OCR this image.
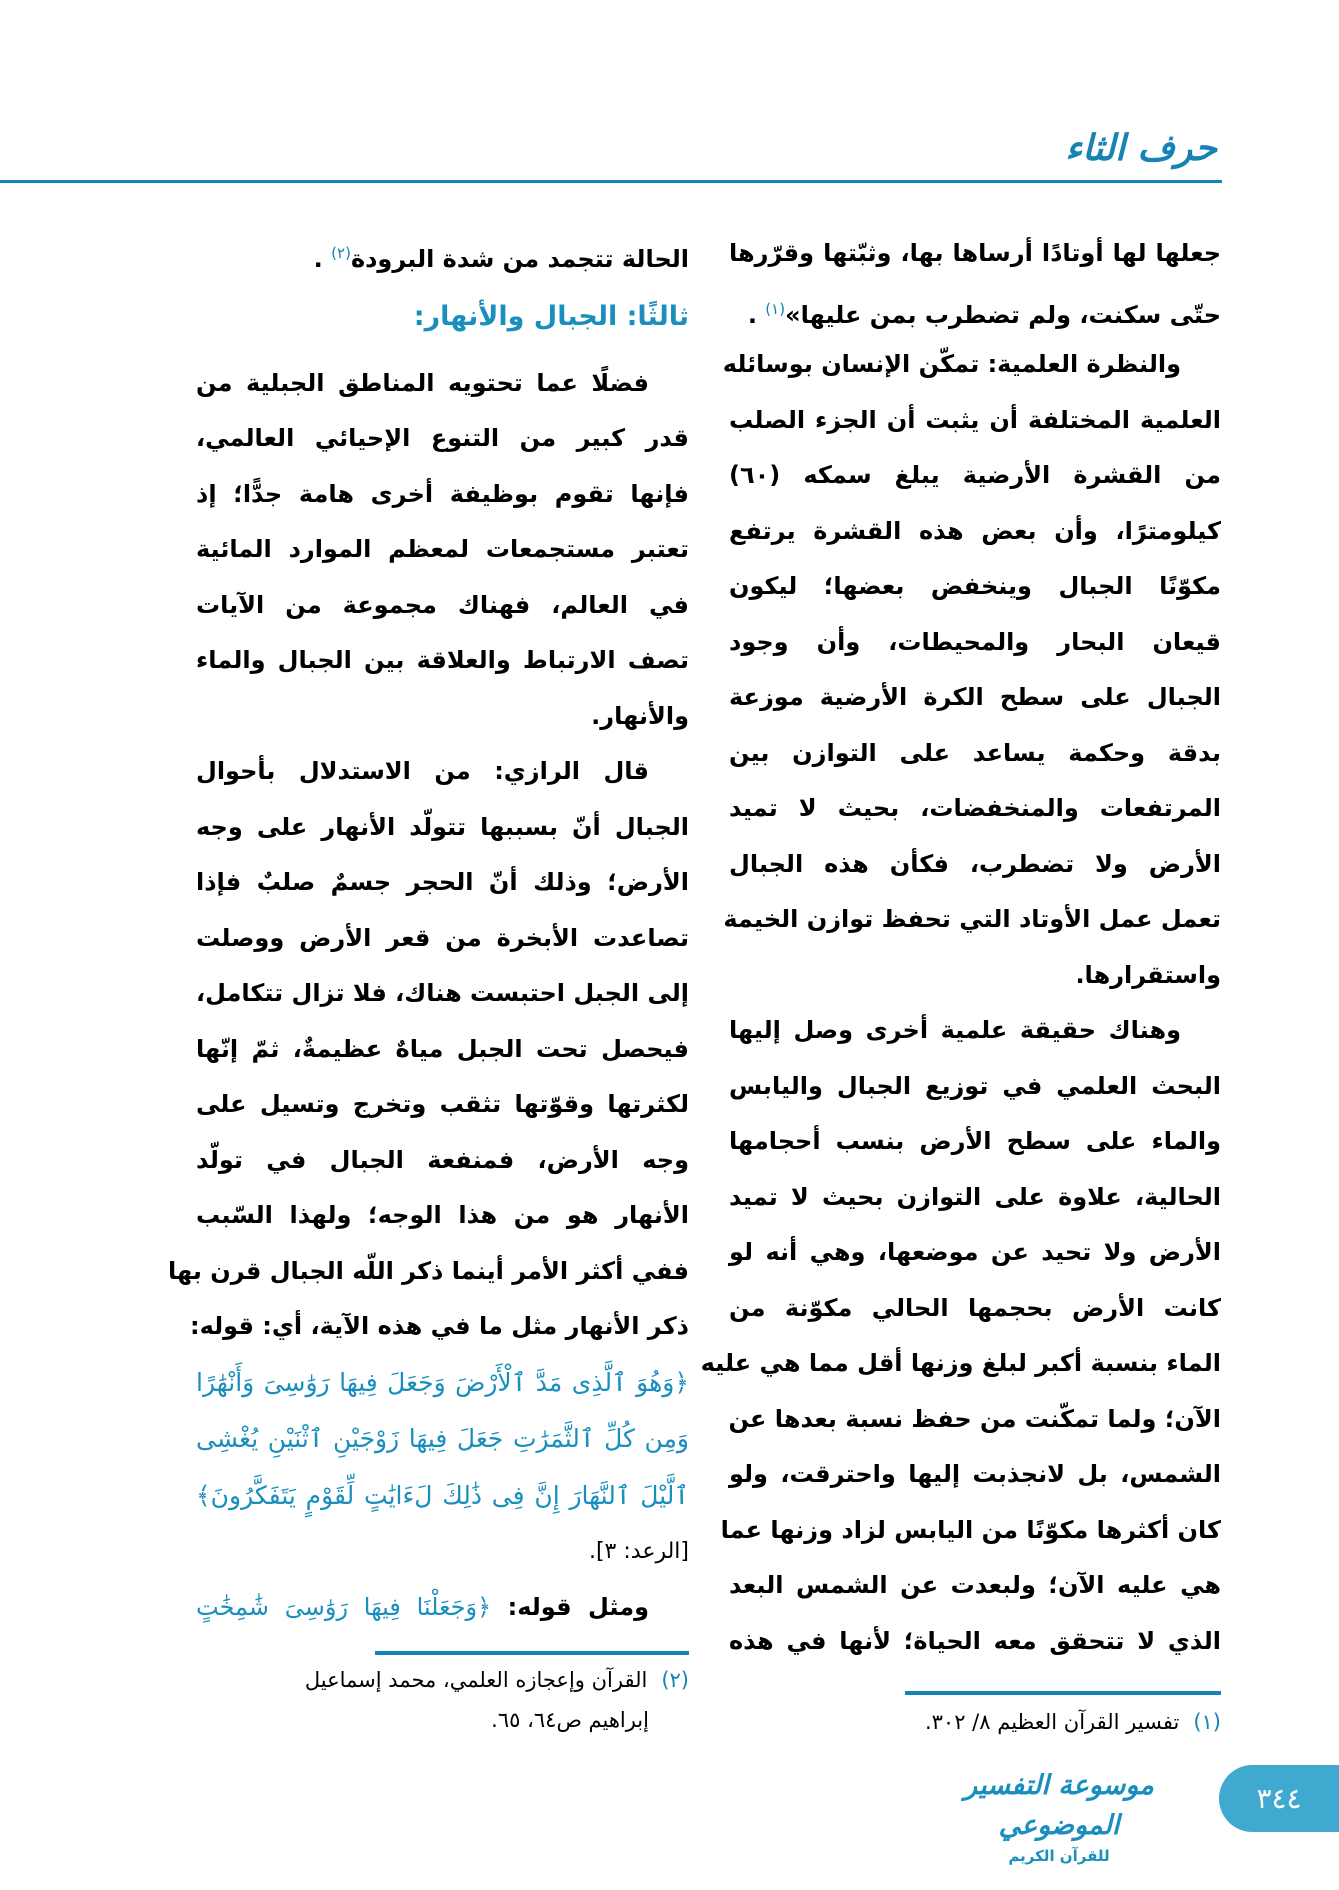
حرف الثاء
جعلها لها أوتادًا أرساها بها، وثبّتها وقرّرها
حتّى سكنت، ولم تضطرب بمن عليها»$^{(١)}$ .
والنظرة العلمية: تمكّن الإنسان بوسائله
العلمية المختلفة أن يثبت أن الجزء الصلب
من القشرة الأرضية يبلغ سمكه (٦٠)
كيلومترًا، وأن بعض هذه القشرة يرتفع
مكوّنًا الجبال وينخفض بعضها؛ ليكون
قيعان البحار والمحيطات، وأن وجود
الجبال على سطح الكرة الأرضية موزعة
بدقة وحكمة يساعد على التوازن بين
المرتفعات والمنخفضات، بحيث لا تميد
الأرض ولا تضطرب، فكأن هذه الجبال
تعمل عمل الأوتاد التي تحفظ توازن الخيمة
واستقرارها.
وهناك حقيقة علمية أخرى وصل إليها
البحث العلمي في توزيع الجبال واليابس
والماء على سطح الأرض بنسب أحجامها
الحالية، علاوة على التوازن بحيث لا تميد
الأرض ولا تحيد عن موضعها، وهي أنه لو
كانت الأرض بحجمها الحالي مكوّنة من
الماء بنسبة أكبر لبلغ وزنها أقل مما هي عليه
الآن؛ ولما تمكّنت من حفظ نسبة بعدها عن
الشمس، بل لانجذبت إليها واحترقت، ولو
كان أكثرها مكوّنًا من اليابس لزاد وزنها عما
هي عليه الآن؛ ولبعدت عن الشمس البعد
الذي لا تتحقق معه الحياة؛ لأنها في هذه
الحالة تتجمد من شدة البرودة$^{(٢)}$ .
ثالثًا: الجبال والأنهار:
فضلًا عما تحتويه المناطق الجبلية من
قدر كبير من التنوع الإحيائي العالمي،
فإنها تقوم بوظيفة أخرى هامة جدًّا؛ إذ
تعتبر مستجمعات لمعظم الموارد المائية
في العالم، فهناك مجموعة من الآيات
تصف الارتباط والعلاقة بين الجبال والماء
والأنهار.
قال الرازي: من الاستدلال بأحوال
الجبال أنّ بسببها تتولّد الأنهار على وجه
الأرض؛ وذلك أنّ الحجر جسمٌ صلبٌ فإذا
تصاعدت الأبخرة من قعر الأرض ووصلت
إلى الجبل احتبست هناك، فلا تزال تتكامل،
فيحصل تحت الجبل مياهٌ عظيمةٌ، ثمّ إنّها
لكثرتها وقوّتها تثقب وتخرج وتسيل على
وجه الأرض، فمنفعة الجبال في تولّد
الأنهار هو من هذا الوجه؛ ولهذا السّبب
ففي أكثر الأمر أينما ذكر اللّه الجبال قرن بها
ذكر الأنهار مثل ما في هذه الآية، أي: قوله:
﴿وَهُوَ ٱلَّذِى مَدَّ ٱلْأَرْضَ وَجَعَلَ فِيهَا رَوَٰسِىَ وَأَنْهَٰرًا
وَمِن كُلِّ ٱلثَّمَرَٰتِ جَعَلَ فِيهَا زَوْجَيْنِ ٱثْنَيْنِ يُغْشِى
ٱلَّيْلَ ٱلنَّهَارَ إِنَّ فِى ذَٰلِكَ لَءَايَٰتٍ لِّقَوْمٍ يَتَفَكَّرُونَ﴾
[الرعد: ٣].
ومثل قوله: ﴿وَجَعَلْنَا فِيهَا رَوَٰسِىَ شَٰمِخَٰتٍ
(٢)القرآن وإعجازه العلمي، محمد إسماعيل
إبراهيم ص٦٤، ٦٥.	(١)تفسير القرآن العظيم ٨/ ٣٠٢.
موسوعة التفسير الموضوعي
للقرآن الكريم
٣٤٤
